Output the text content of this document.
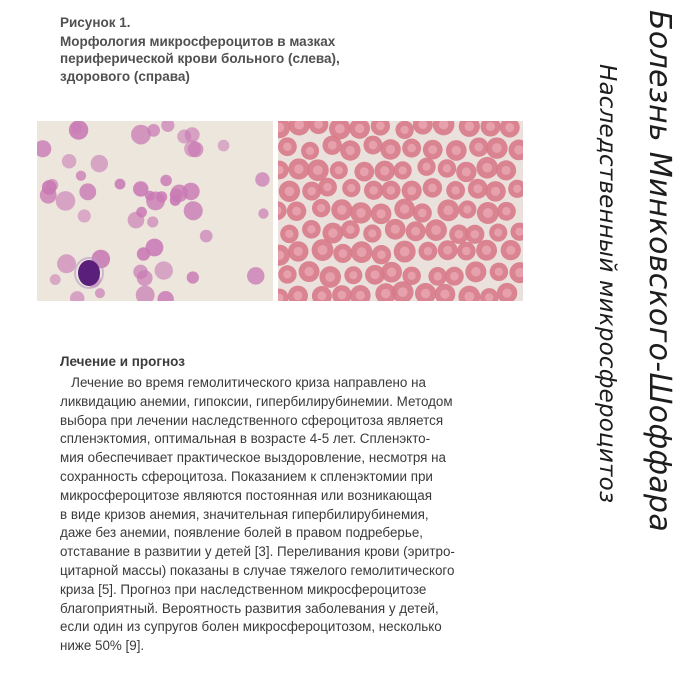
Рисунок 1.
Морфология микросфероцитов в мазках
периферической крови больного (слева),
здорового (справа)
Лечение и прогноз
Лечение во время гемолитического криза направлено на
ликвидацию анемии, гипоксии, гипербилирубинемии. Методом
выбора при лечении наследственного сфероцитоза является
спленэктомия, оптимальная в возрасте 4-5 лет. Спленэкто-
мия обеспечивает практическое выздоровление, несмотря на
сохранность сфероцитоза. Показанием к спленэктомии при
микросфероцитозе являются постоянная или возникающая
в виде кризов анемия, значительная гипербилирубинемия,
даже без анемии, появление болей в правом подреберье,
отставание в развитии у детей [3]. Переливания крови (эритро-
цитарной массы) показаны в случае тяжелого гемолитического
криза [5]. Прогноз при наследственном микросфероцитозе
благоприятный. Вероятность развития заболевания у детей,
если один из супругов болен микросфероцитозом, несколько
ниже 50% [9].
Болезнь Минковского-Шоффара
Наследственный микросфероцитоз
